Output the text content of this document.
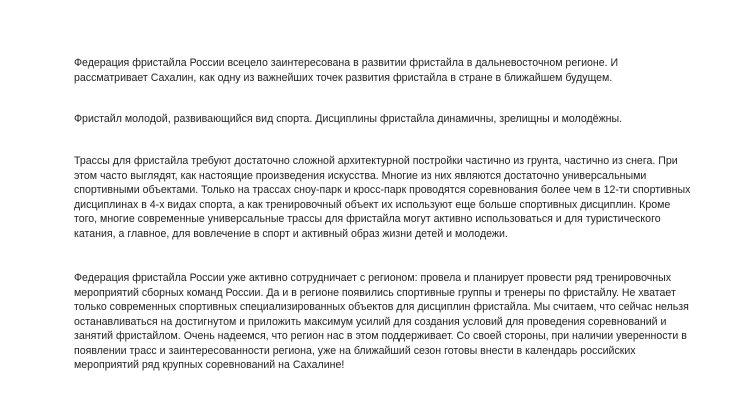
Федерация фристайла России всецело заинтересована в развитии фристайла в дальневосточном регионе. И рассматривает Сахалин, как одну из важнейших точек развития фристайла в стране в ближайшем будущем.

Фристайл молодой, развивающийся вид спорта. Дисциплины фристайла динамичны, зрелищны и молодёжны.

Трассы для фристайла требуют достаточно сложной архитектурной постройки частично из грунта, частично из снега. При этом часто выглядят, как настоящие произведения искусства. Многие из них являются достаточно универсальными спортивными объектами. Только на трассах сноу-парк и кросс-парк проводятся соревнования более чем в 12-ти спортивных дисциплинах в 4-х видах спорта, а как тренировочный объект их используют еще больше спортивных дисциплин. Кроме того, многие современные универсальные трассы для фристайла могут активно использоваться и для туристического катания, а главное, для вовлечение в спорт и активный образ жизни детей и молодежи.

Федерация фристайла России уже активно сотрудничает с регионом: провела и планирует провести ряд тренировочных мероприятий сборных команд России. Да и в регионе появились спортивные группы и тренеры по фристайлу. Не хватает только современных спортивных специализированных объектов для дисциплин фристайла. Мы считаем, что сейчас нельзя останавливаться на достигнутом и приложить максимум усилий для создания условий для проведения соревнований и занятий фристайлом. Очень надеемся, что регион нас в этом поддерживает. Со своей стороны, при наличии уверенности в появлении трасс и заинтересованности региона, уже на ближайший сезон готовы внести в календарь российских мероприятий ряд крупных соревнований на Сахалине!
